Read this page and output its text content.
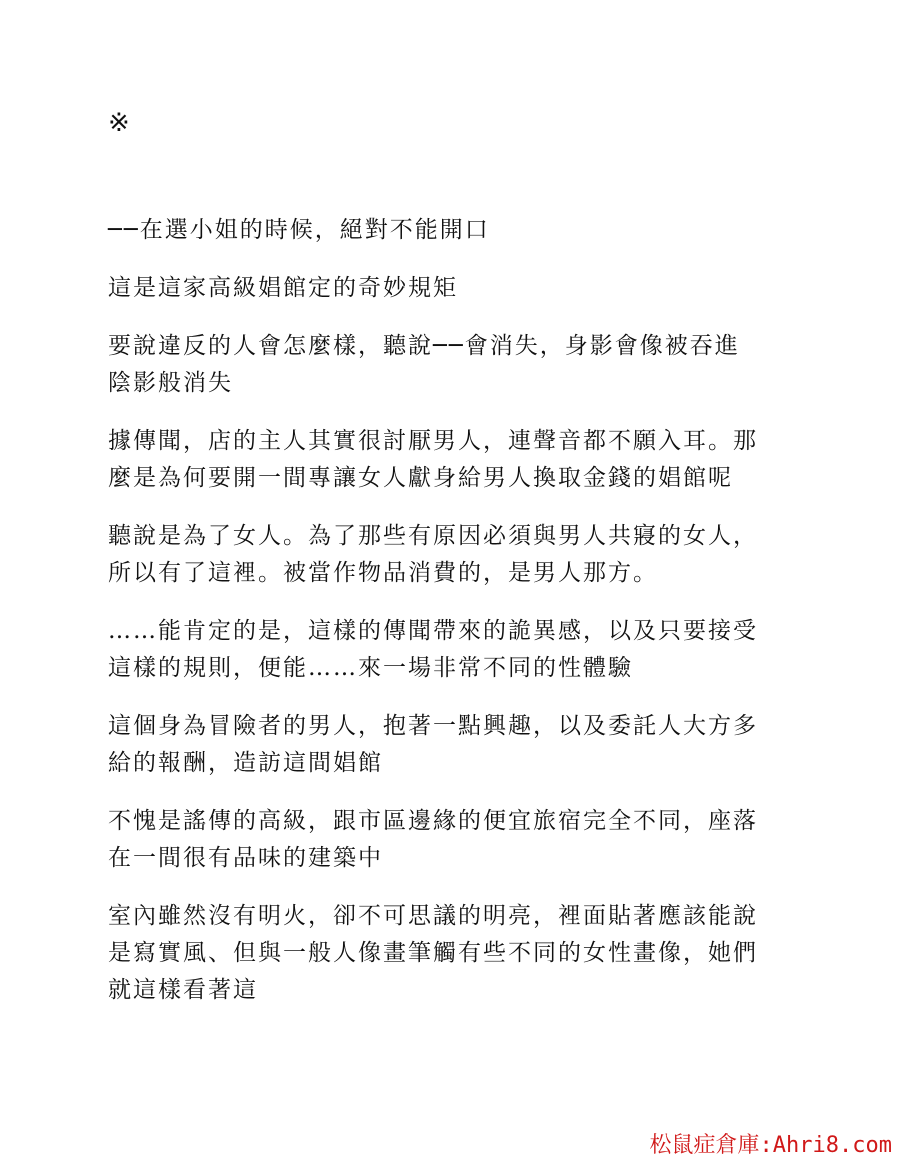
※

──在選小姐的時候，絕對不能開口

這是這家高級娼館定的奇妙規矩

要說違反的人會怎麼樣，聽說──會消失，身影會像被吞進
陰影般消失

據傳聞，店的主人其實很討厭男人，連聲音都不願入耳。那
麼是為何要開一間專讓女人獻身給男人換取金錢的娼館呢

聽說是為了女人。為了那些有原因必須與男人共寢的女人，
所以有了這裡。被當作物品消費的，是男人那方。

……能肯定的是，這樣的傳聞帶來的詭異感，以及只要接受
這樣的規則，便能……來一場非常不同的性體驗

這個身為冒險者的男人，抱著一點興趣，以及委託人大方多
給的報酬，造訪這間娼館

不愧是謠傳的高級，跟市區邊緣的便宜旅宿完全不同，座落
在一間很有品味的建築中

室內雖然沒有明火，卻不可思議的明亮，裡面貼著應該能說
是寫實風、但與一般人像畫筆觸有些不同的女性畫像，她們
就這樣看著這

松鼠症倉庫:Ahri8.com
